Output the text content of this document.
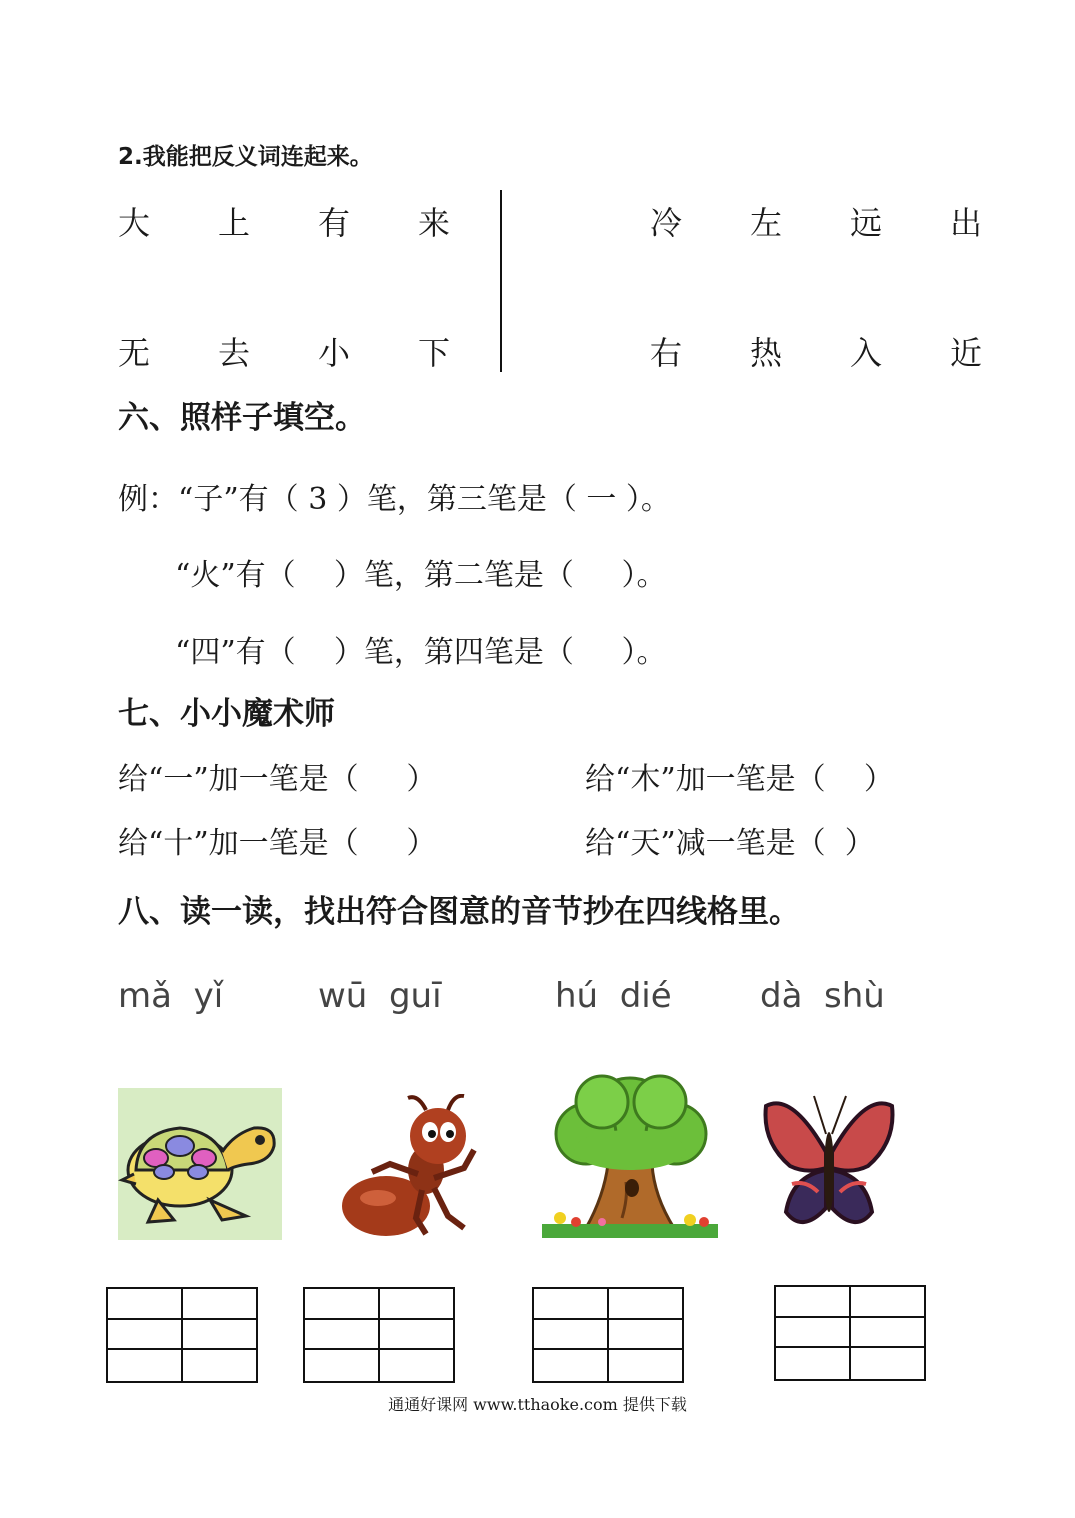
2.我能把反义词连起来。
大 上 有 来
无 去 小 下
冷 左 远 出
右 热 入 近
六、照样子填空。
例：“子”有（ 3 ）笔，第三笔是（ 一 ）。
“火”有（    ）笔，第二笔是（     ）。
“四”有（    ）笔，第四笔是（     ）。
七、小小魔术师
给“一”加一笔是（     ）	给“木”加一笔是（    ）
给“十”加一笔是（     ）	给“天”减一笔是（  ）
八、读一读，找出符合图意的音节抄在四线格里。
mǎ  yǐ	wū  guī	hú  dié	dà  shù
通通好课网 www.tthaoke.com 提供下载
